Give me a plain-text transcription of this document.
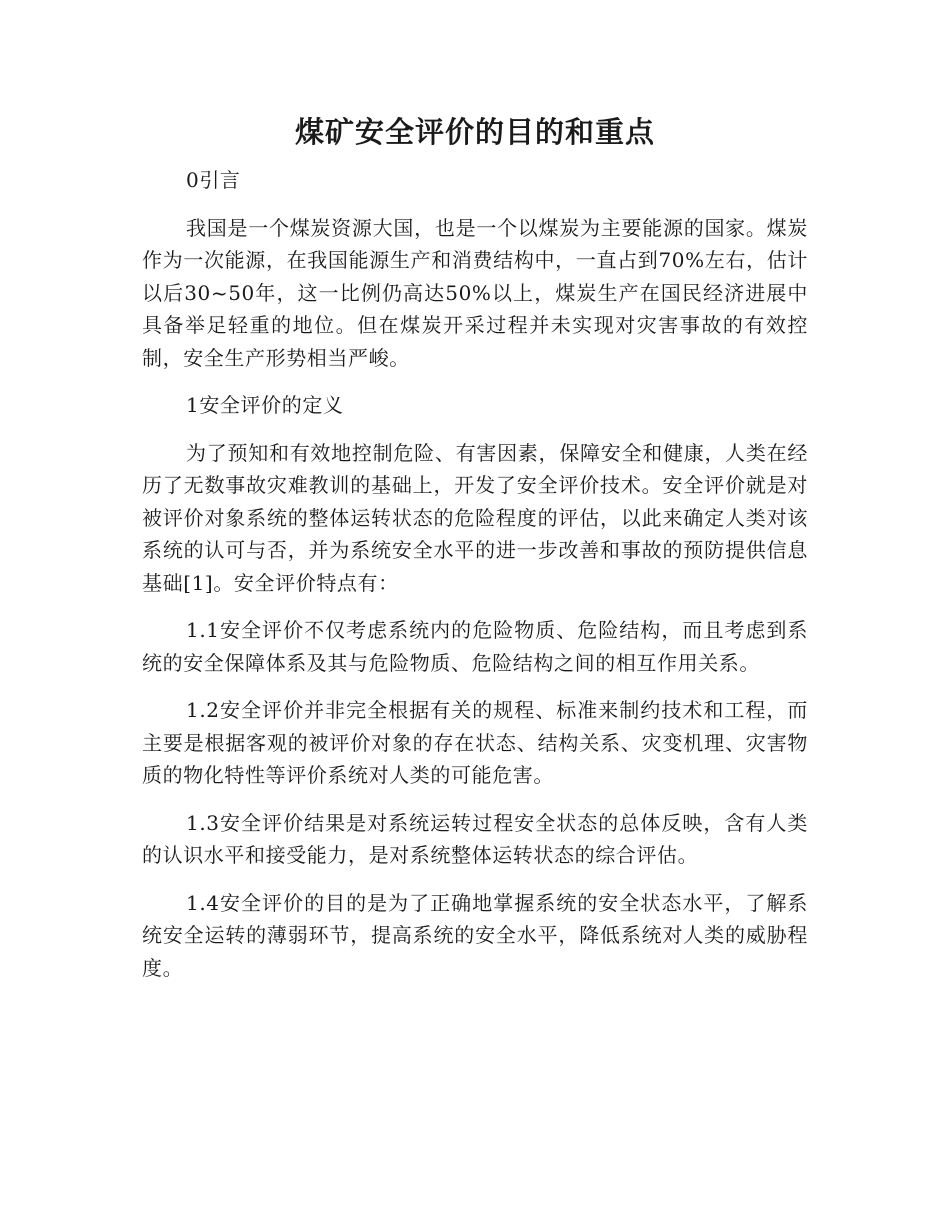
煤矿安全评价的目的和重点

0引言

我国是一个煤炭资源大国，也是一个以煤炭为主要能源的国家。煤炭作为一次能源，在我国能源生产和消费结构中，一直占到70%左右，估计以后30~50年，这一比例仍高达50%以上，煤炭生产在国民经济进展中具备举足轻重的地位。但在煤炭开采过程并未实现对灾害事故的有效控制，安全生产形势相当严峻。

1安全评价的定义

为了预知和有效地控制危险、有害因素，保障安全和健康，人类在经历了无数事故灾难教训的基础上，开发了安全评价技术。安全评价就是对被评价对象系统的整体运转状态的危险程度的评估，以此来确定人类对该系统的认可与否，并为系统安全水平的进一步改善和事故的预防提供信息基础[1]。安全评价特点有：

1.1安全评价不仅考虑系统内的危险物质、危险结构，而且考虑到系统的安全保障体系及其与危险物质、危险结构之间的相互作用关系。

1.2安全评价并非完全根据有关的规程、标准来制约技术和工程，而主要是根据客观的被评价对象的存在状态、结构关系、灾变机理、灾害物质的物化特性等评价系统对人类的可能危害。

1.3安全评价结果是对系统运转过程安全状态的总体反映，含有人类的认识水平和接受能力，是对系统整体运转状态的综合评估。

1.4安全评价的目的是为了正确地掌握系统的安全状态水平，了解系统安全运转的薄弱环节，提高系统的安全水平，降低系统对人类的威胁程度。
